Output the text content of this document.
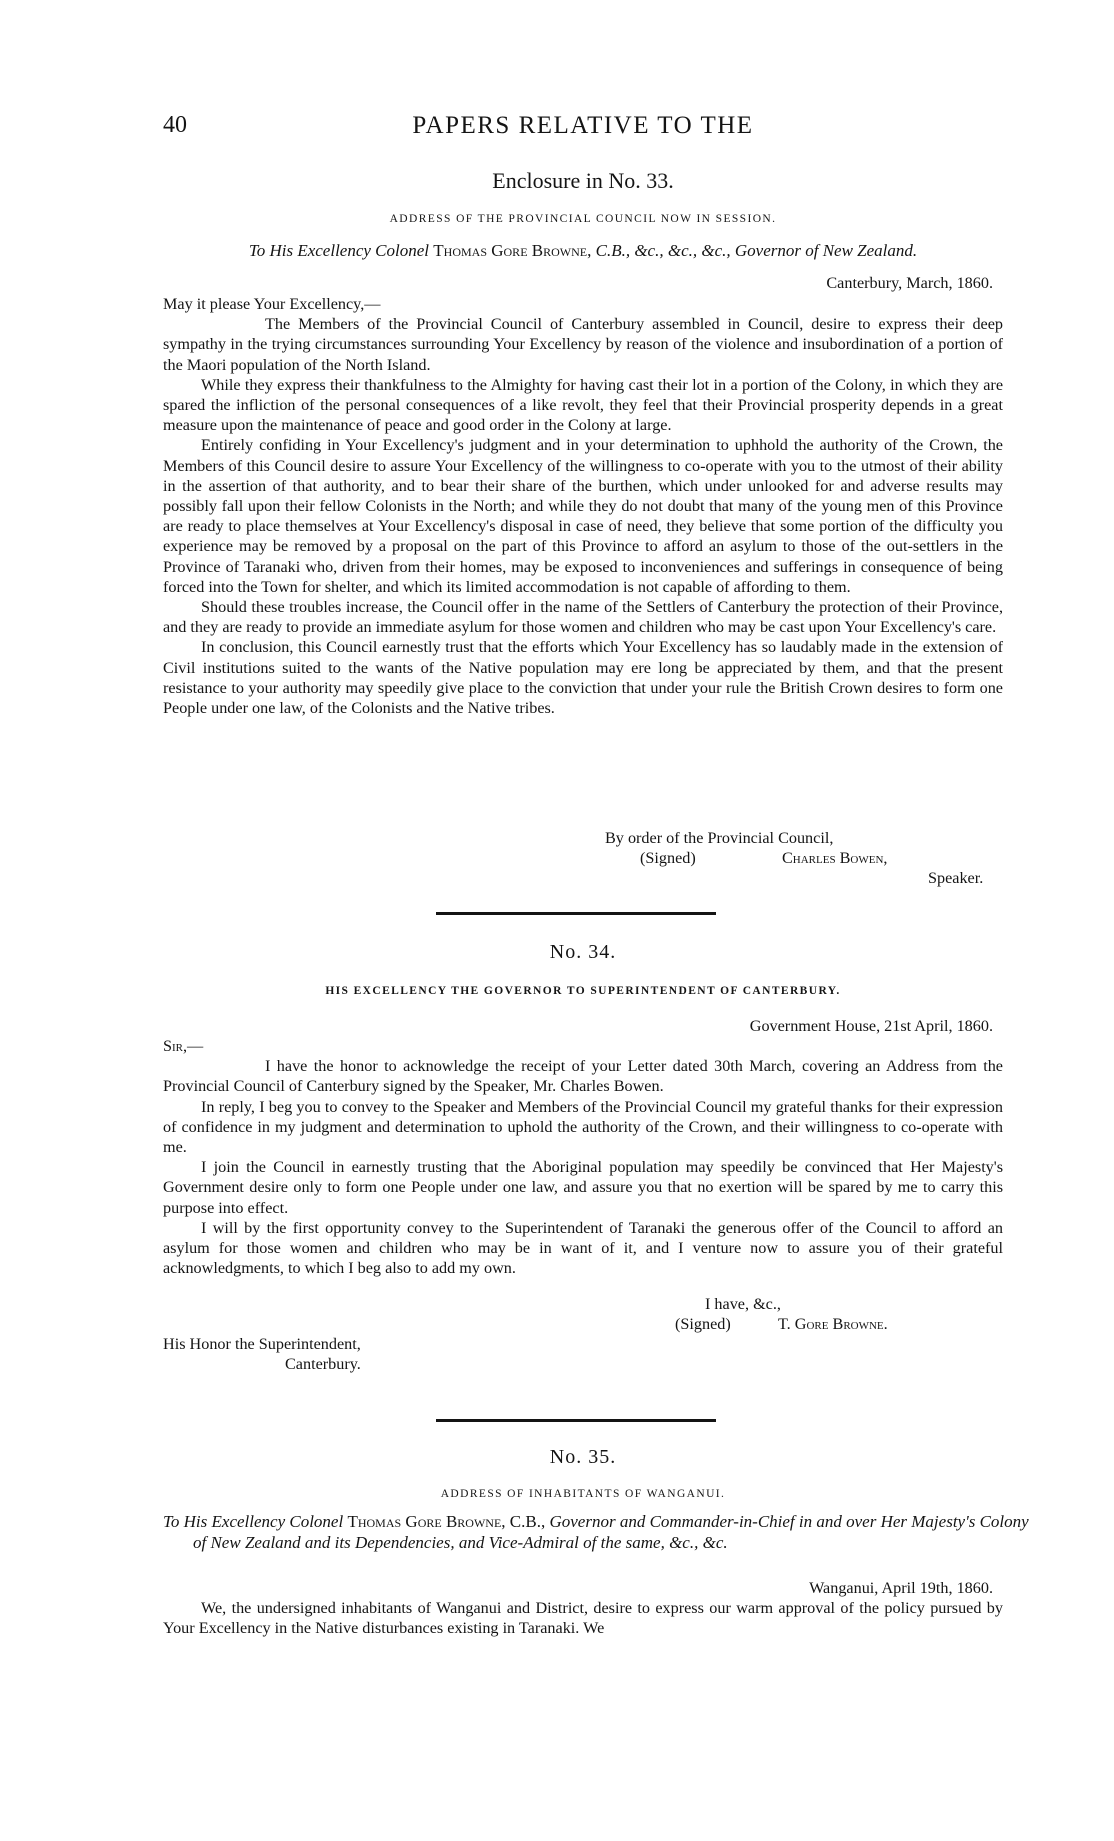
40	PAPERS RELATIVE TO THE
Enclosure in No. 33.
ADDRESS OF THE PROVINCIAL COUNCIL NOW IN SESSION.
To His Excellency Colonel Thomas Gore Browne, C.B., &c., &c., &c., Governor of New Zealand.
Canterbury, March, 1860.

May it please Your Excellency,—

The Members of the Provincial Council of Canterbury assembled in Council, desire to express their deep sympathy in the trying circumstances surrounding Your Excellency by reason of the violence and insubordination of a portion of the Maori population of the North Island.

While they express their thankfulness to the Almighty for having cast their lot in a portion of the Colony, in which they are spared the infliction of the personal consequences of a like revolt, they feel that their Provincial prosperity depends in a great measure upon the maintenance of peace and good order in the Colony at large.

Entirely confiding in Your Excellency's judgment and in your determination to uphhold the authority of the Crown, the Members of this Council desire to assure Your Excellency of the willingness to co-operate with you to the utmost of their ability in the assertion of that authority, and to bear their share of the burthen, which under unlooked for and adverse results may possibly fall upon their fellow Colonists in the North; and while they do not doubt that many of the young men of this Province are ready to place themselves at Your Excellency's disposal in case of need, they believe that some portion of the difficulty you experience may be removed by a proposal on the part of this Province to afford an asylum to those of the out-settlers in the Province of Taranaki who, driven from their homes, may be exposed to inconveniences and sufferings in consequence of being forced into the Town for shelter, and which its limited accommodation is not capable of affording to them.

Should these troubles increase, the Council offer in the name of the Settlers of Canterbury the protection of their Province, and they are ready to provide an immediate asylum for those women and children who may be cast upon Your Excellency's care.

In conclusion, this Council earnestly trust that the efforts which Your Excellency has so laudably made in the extension of Civil institutions suited to the wants of the Native population may ere long be appreciated by them, and that the present resistance to your authority may speedily give place to the conviction that under your rule the British Crown desires to form one People under one law, of the Colonists and the Native tribes.

By order of the Provincial Council,
(Signed)	Charles Bowen,
Speaker.
No. 34.
HIS EXCELLENCY THE GOVERNOR TO SUPERINTENDENT OF CANTERBURY.
Government House, 21st April, 1860.

Sir,—

I have the honor to acknowledge the receipt of your Letter dated 30th March, covering an Address from the Provincial Council of Canterbury signed by the Speaker, Mr. Charles Bowen.

In reply, I beg you to convey to the Speaker and Members of the Provincial Council my grateful thanks for their expression of confidence in my judgment and determination to uphold the authority of the Crown, and their willingness to co-operate with me.

I join the Council in earnestly trusting that the Aboriginal population may speedily be convinced that Her Majesty's Government desire only to form one People under one law, and assure you that no exertion will be spared by me to carry this purpose into effect.

I will by the first opportunity convey to the Superintendent of Taranaki the generous offer of the Council to afford an asylum for those women and children who may be in want of it, and I venture now to assure you of their grateful acknowledgments, to which I beg also to add my own.

I have, &c.,
(Signed)	T. Gore Browne.
His Honor the Superintendent,
Canterbury.
No. 35.
ADDRESS OF INHABITANTS OF WANGANUI.
To His Excellency Colonel Thomas Gore Browne, C.B., Governor and Commander-in-Chief in and over Her Majesty's Colony of New Zealand and its Dependencies, and Vice-Admiral of the same, &c., &c.
Wanganui, April 19th, 1860.

We, the undersigned inhabitants of Wanganui and District, desire to express our warm approval of the policy pursued by Your Excellency in the Native disturbances existing in Taranaki. We
